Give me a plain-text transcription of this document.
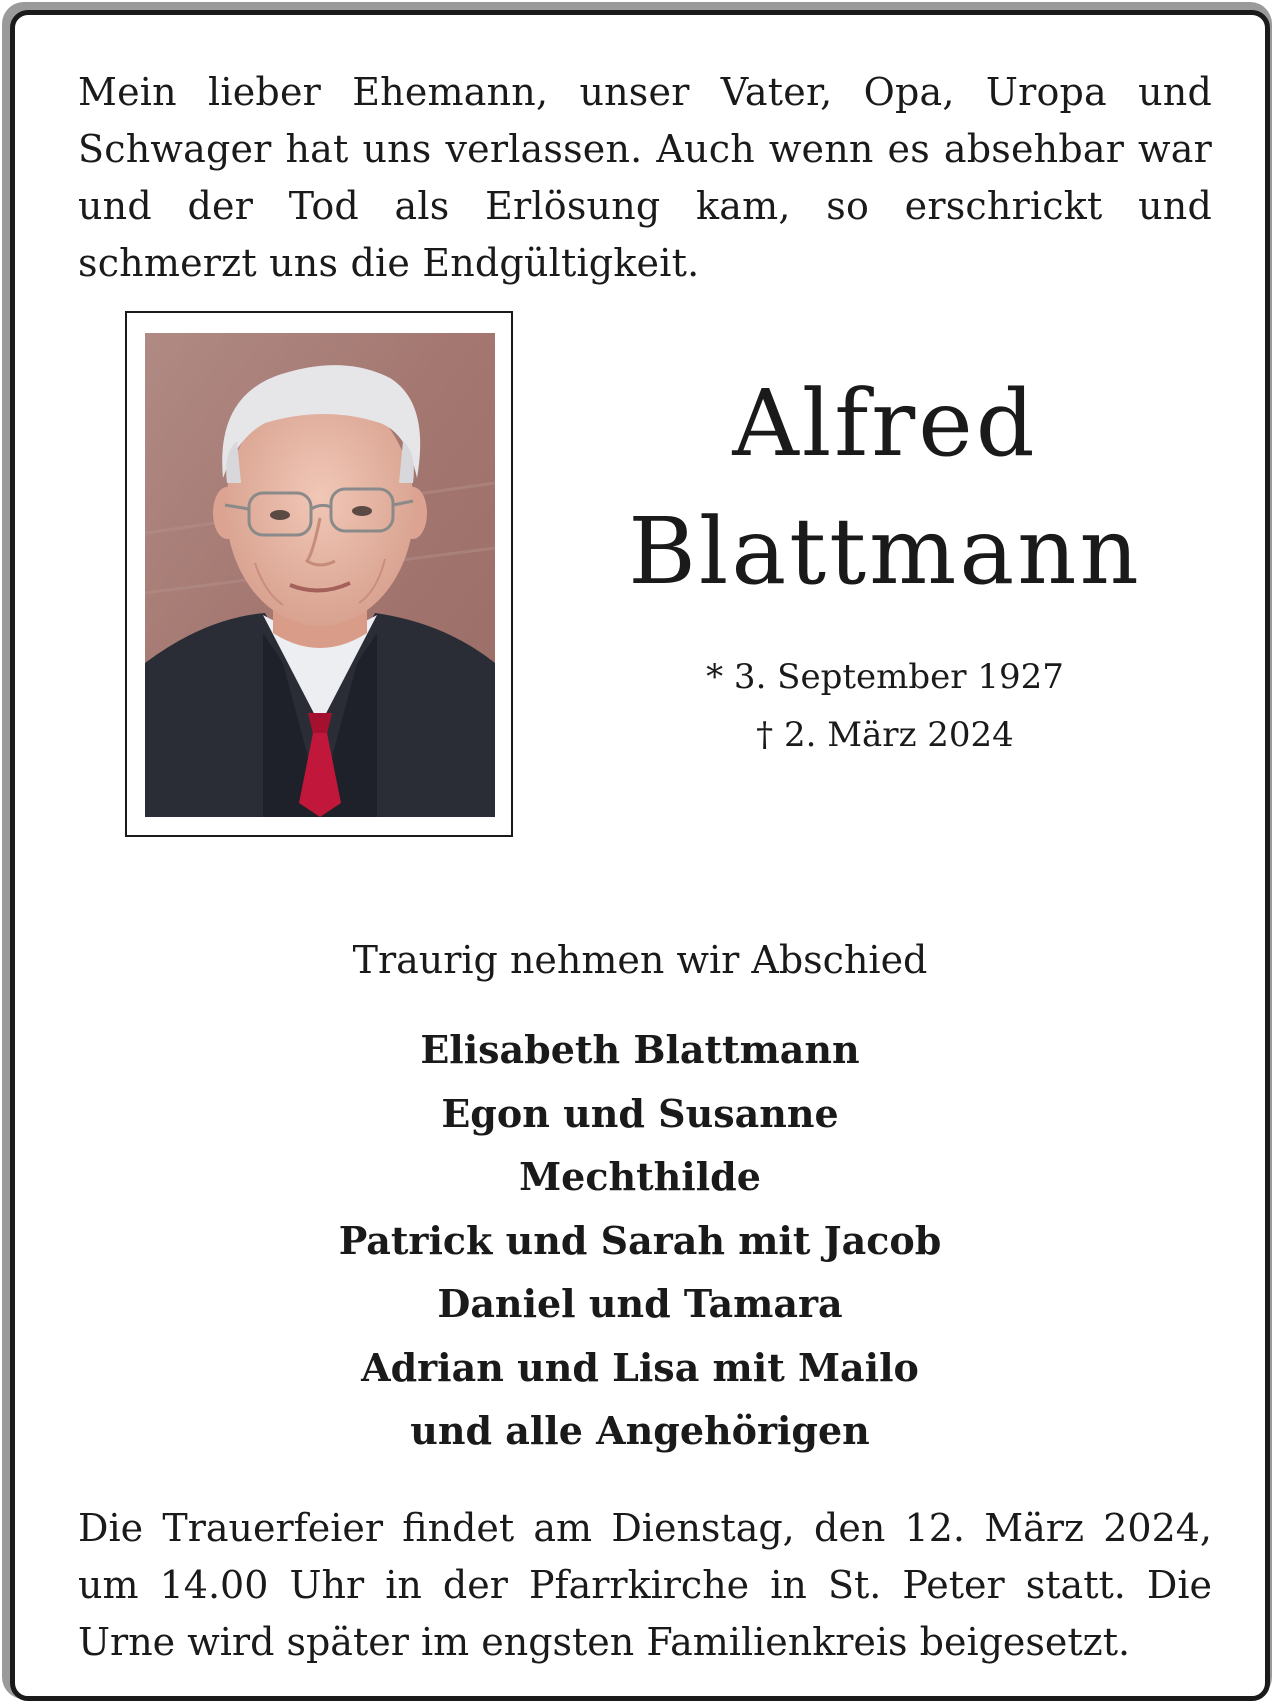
Mein lieber Ehemann, unser Vater, Opa, Uropa und Schwager hat uns verlassen. Auch wenn es absehbar war und der Tod als Erlösung kam, so erschrickt und schmerzt uns die Endgültigkeit.

Alfred
Blattmann
* 3. September 1927
† 2. März 2024
Traurig nehmen wir Abschied
Elisabeth Blattmann
Egon und Susanne
Mechthilde
Patrick und Sarah mit Jacob
Daniel und Tamara
Adrian und Lisa mit Mailo
und alle Angehörigen

Die Trauerfeier findet am Dienstag, den 12. März 2024, um 14.00 Uhr in der Pfarrkirche in St. Peter statt. Die Urne wird später im engsten Familienkreis beigesetzt.
